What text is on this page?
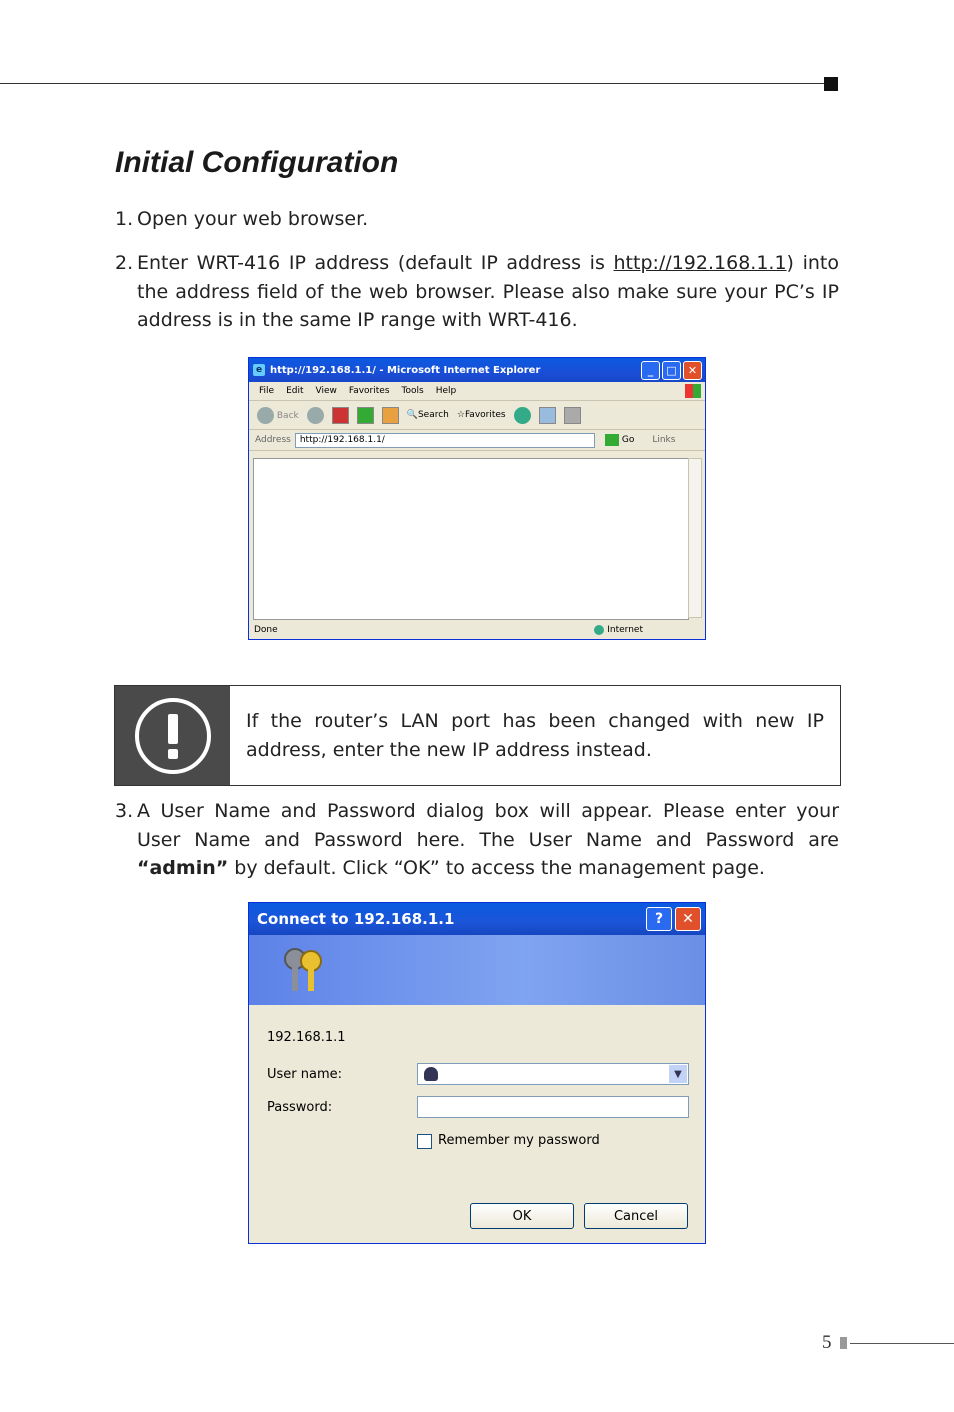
Initial Configuration
1. Open your web browser.
2. Enter WRT-416 IP address (default IP address is http://192.168.1.1) into the address field of the web browser. Please also make sure your PC’s IP address is in the same IP range with WRT-416.
e http://192.168.1.1/ - Microsoft Internet Explorer	_	□	✕
File Edit View Favorites Tools Help
Back	🔍Search ☆Favorites
Address http://192.168.1.1/	Go Links
Done	Internet
If the router’s LAN port has been changed with new IP address, enter the new IP address instead.
3. A User Name and Password dialog box will appear. Please enter your User Name and Password here. The User Name and Password are “admin” by default. Click “OK” to access the management page.
Connect to 192.168.1.1	?	✕
192.168.1.1
User name:	▼
Password:
Remember my password
OK	Cancel
5
